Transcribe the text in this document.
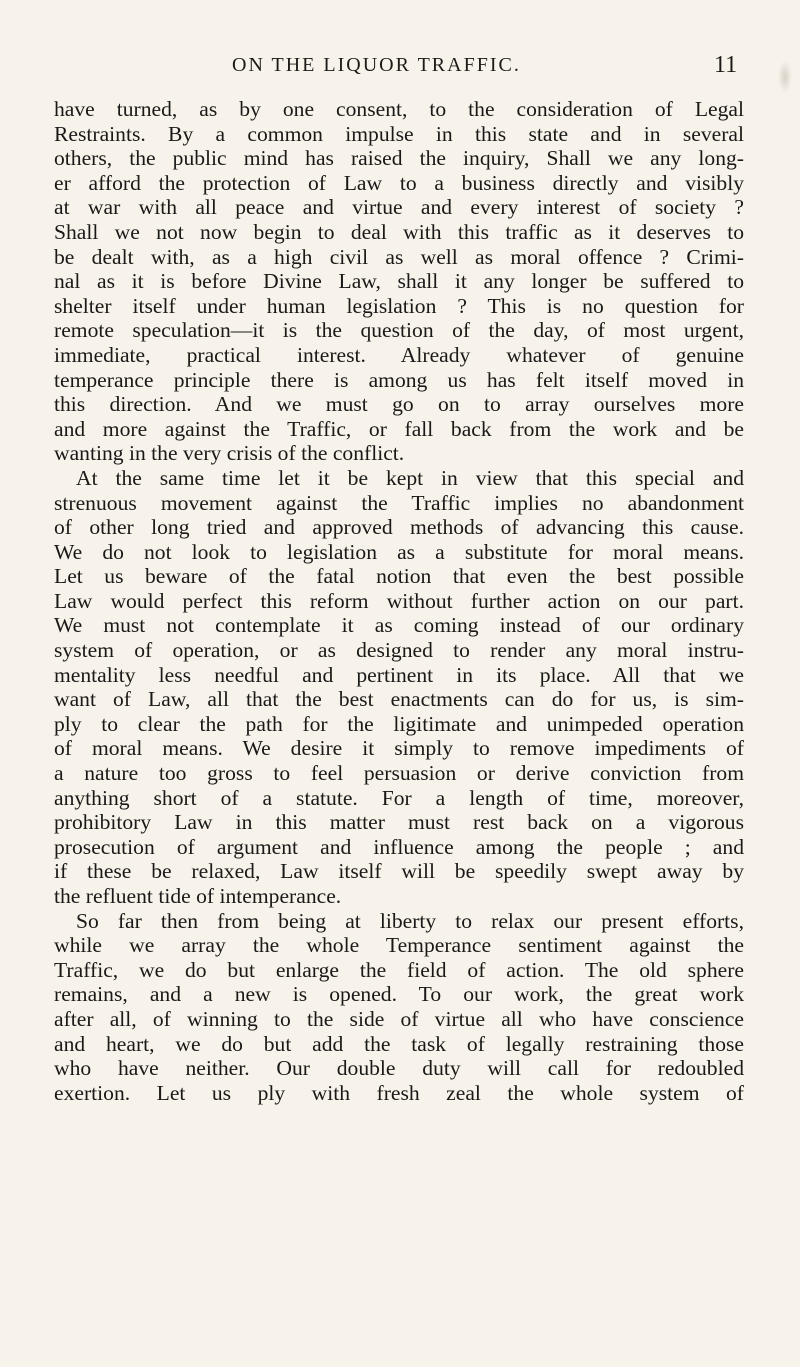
ON THE LIQUOR TRAFFIC.	11
have turned, as by one consent, to the consideration of Legal
Restraints. By a common impulse in this state and in several
others, the public mind has raised the inquiry, Shall we any long-
er afford the protection of Law to a business directly and visibly
at war with all peace and virtue and every interest of society ?
Shall we not now begin to deal with this traffic as it deserves to
be dealt with, as a high civil as well as moral offence ? Crimi-
nal as it is before Divine Law, shall it any longer be suffered to
shelter itself under human legislation ? This is no question for
remote speculation—it is the question of the day, of most urgent,
immediate, practical interest. Already whatever of genuine
temperance principle there is among us has felt itself moved in
this direction. And we must go on to array ourselves more
and more against the Traffic, or fall back from the work and be
wanting in the very crisis of the conflict.
At the same time let it be kept in view that this special and
strenuous movement against the Traffic implies no abandonment
of other long tried and approved methods of advancing this cause.
We do not look to legislation as a substitute for moral means.
Let us beware of the fatal notion that even the best possible
Law would perfect this reform without further action on our part.
We must not contemplate it as coming instead of our ordinary
system of operation, or as designed to render any moral instru-
mentality less needful and pertinent in its place. All that we
want of Law, all that the best enactments can do for us, is sim-
ply to clear the path for the ligitimate and unimpeded operation
of moral means. We desire it simply to remove impediments of
a nature too gross to feel persuasion or derive conviction from
anything short of a statute. For a length of time, moreover,
prohibitory Law in this matter must rest back on a vigorous
prosecution of argument and influence among the people ; and
if these be relaxed, Law itself will be speedily swept away by
the refluent tide of intemperance.
So far then from being at liberty to relax our present efforts,
while we array the whole Temperance sentiment against the
Traffic, we do but enlarge the field of action. The old sphere
remains, and a new is opened. To our work, the great work
after all, of winning to the side of virtue all who have conscience
and heart, we do but add the task of legally restraining those
who have neither. Our double duty will call for redoubled
exertion. Let us ply with fresh zeal the whole system of
